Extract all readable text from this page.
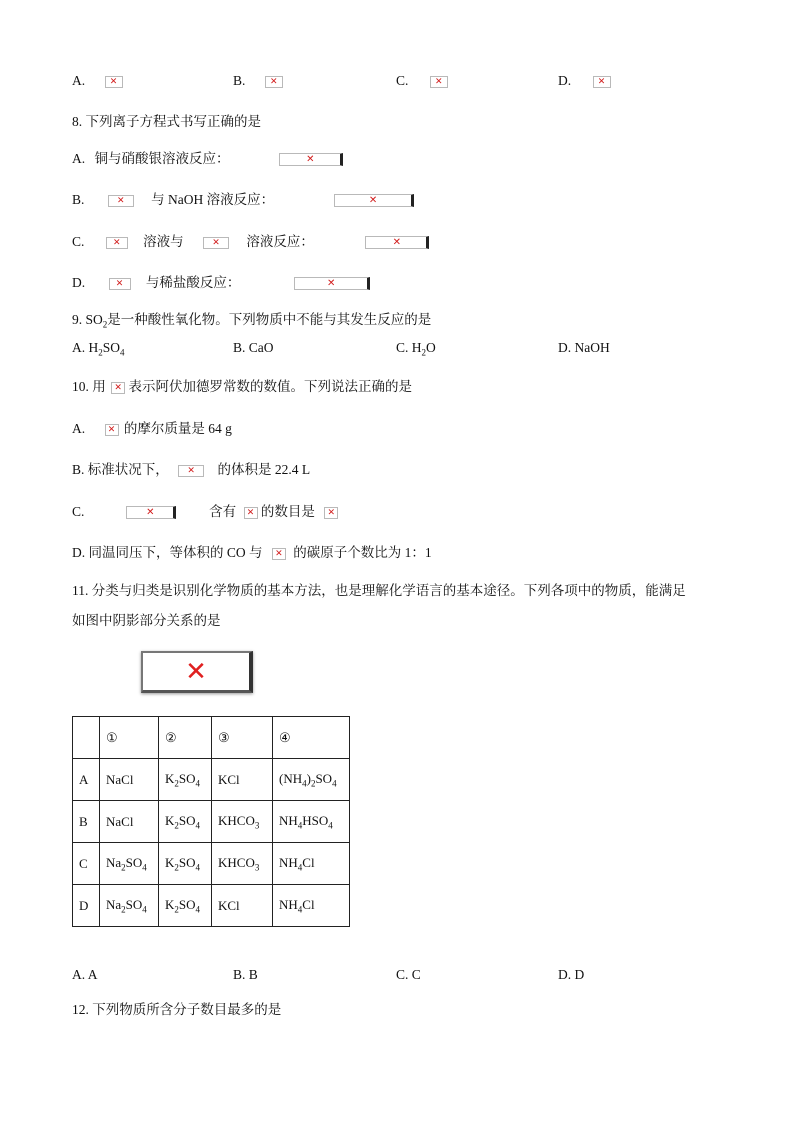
A.	✕	B.	✕	C.	✕	D.	✕
8. 下列离子方程式书写正确的是
A. 铜与硝酸银溶液反应：	✕
B.	✕	与 NaOH 溶液反应：	✕
C.	✕	溶液与	✕	溶液反应：	✕
D.	✕	与稀盐酸反应：	✕
9. $SO_2$是一种酸性氧化物。下列物质中不能与其发生反应的是
A. $H_2SO_4$	B. CaO	C. $H_2O$	D. NaOH
10. 用 ✕ 表示阿伏加德罗常数的数值。下列说法正确的是
A.	✕ 的摩尔质量是 64 g
B. 标准状况下，	✕	的体积是 22.4 L
C.	✕	含有 ✕ 的数目是 ✕
D. 同温同压下，等体积的 CO 与 ✕ 的碳原子个数比为 1：1
11. 分类与归类是识别化学物质的基本方法，也是理解化学语言的基本途径。下列各项中的物质，能满足
如图中阴影部分关系的是
✕
	①	②	③	④
A	NaCl	$K_2SO_4$	KCl	$(NH_4)_2SO_4$
B	NaCl	$K_2SO_4$	$KHCO_3$	$NH_4HSO_4$
C	$Na_2SO_4$	$K_2SO_4$	$KHCO_3$	$NH_4Cl$
D	$Na_2SO_4$	$K_2SO_4$	KCl	$NH_4Cl$
A. A	B. B	C. C	D. D
12. 下列物质所含分子数目最多的是
